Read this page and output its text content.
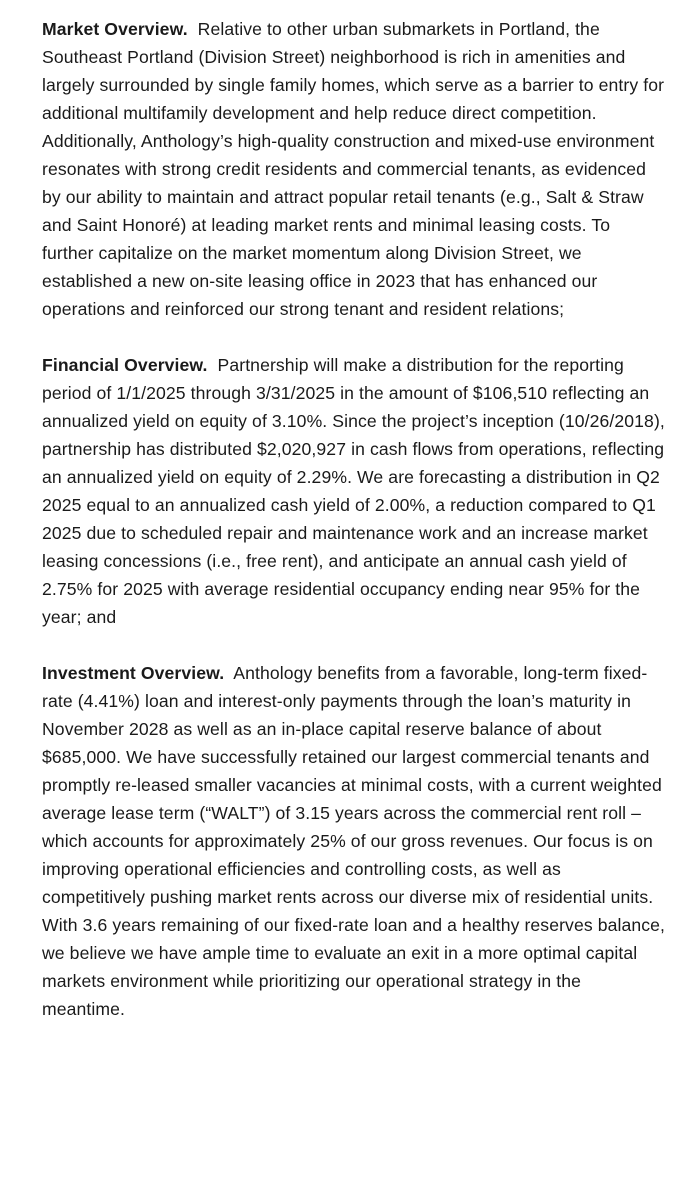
Market Overview. Relative to other urban submarkets in Portland, the Southeast Portland (Division Street) neighborhood is rich in amenities and largely surrounded by single family homes, which serve as a barrier to entry for additional multifamily development and help reduce direct competition. Additionally, Anthology’s high-quality construction and mixed-use environment resonates with strong credit residents and commercial tenants, as evidenced by our ability to maintain and attract popular retail tenants (e.g., Salt & Straw and Saint Honoré) at leading market rents and minimal leasing costs. To further capitalize on the market momentum along Division Street, we established a new on-site leasing office in 2023 that has enhanced our operations and reinforced our strong tenant and resident relations;

Financial Overview. Partnership will make a distribution for the reporting period of 1/1/2025 through 3/31/2025 in the amount of $106,510 reflecting an annualized yield on equity of 3.10%. Since the project’s inception (10/26/2018), partnership has distributed $2,020,927 in cash flows from operations, reflecting an annualized yield on equity of 2.29%. We are forecasting a distribution in Q2 2025 equal to an annualized cash yield of 2.00%, a reduction compared to Q1 2025 due to scheduled repair and maintenance work and an increase market leasing concessions (i.e., free rent), and anticipate an annual cash yield of 2.75% for 2025 with average residential occupancy ending near 95% for the year; and

Investment Overview. Anthology benefits from a favorable, long-term fixed-rate (4.41%) loan and interest-only payments through the loan’s maturity in November 2028 as well as an in-place capital reserve balance of about $685,000. We have successfully retained our largest commercial tenants and promptly re-leased smaller vacancies at minimal costs, with a current weighted average lease term (“WALT”) of 3.15 years across the commercial rent roll – which accounts for approximately 25% of our gross revenues. Our focus is on improving operational efficiencies and controlling costs, as well as competitively pushing market rents across our diverse mix of residential units. With 3.6 years remaining of our fixed-rate loan and a healthy reserves balance, we believe we have ample time to evaluate an exit in a more optimal capital markets environment while prioritizing our operational strategy in the meantime.
